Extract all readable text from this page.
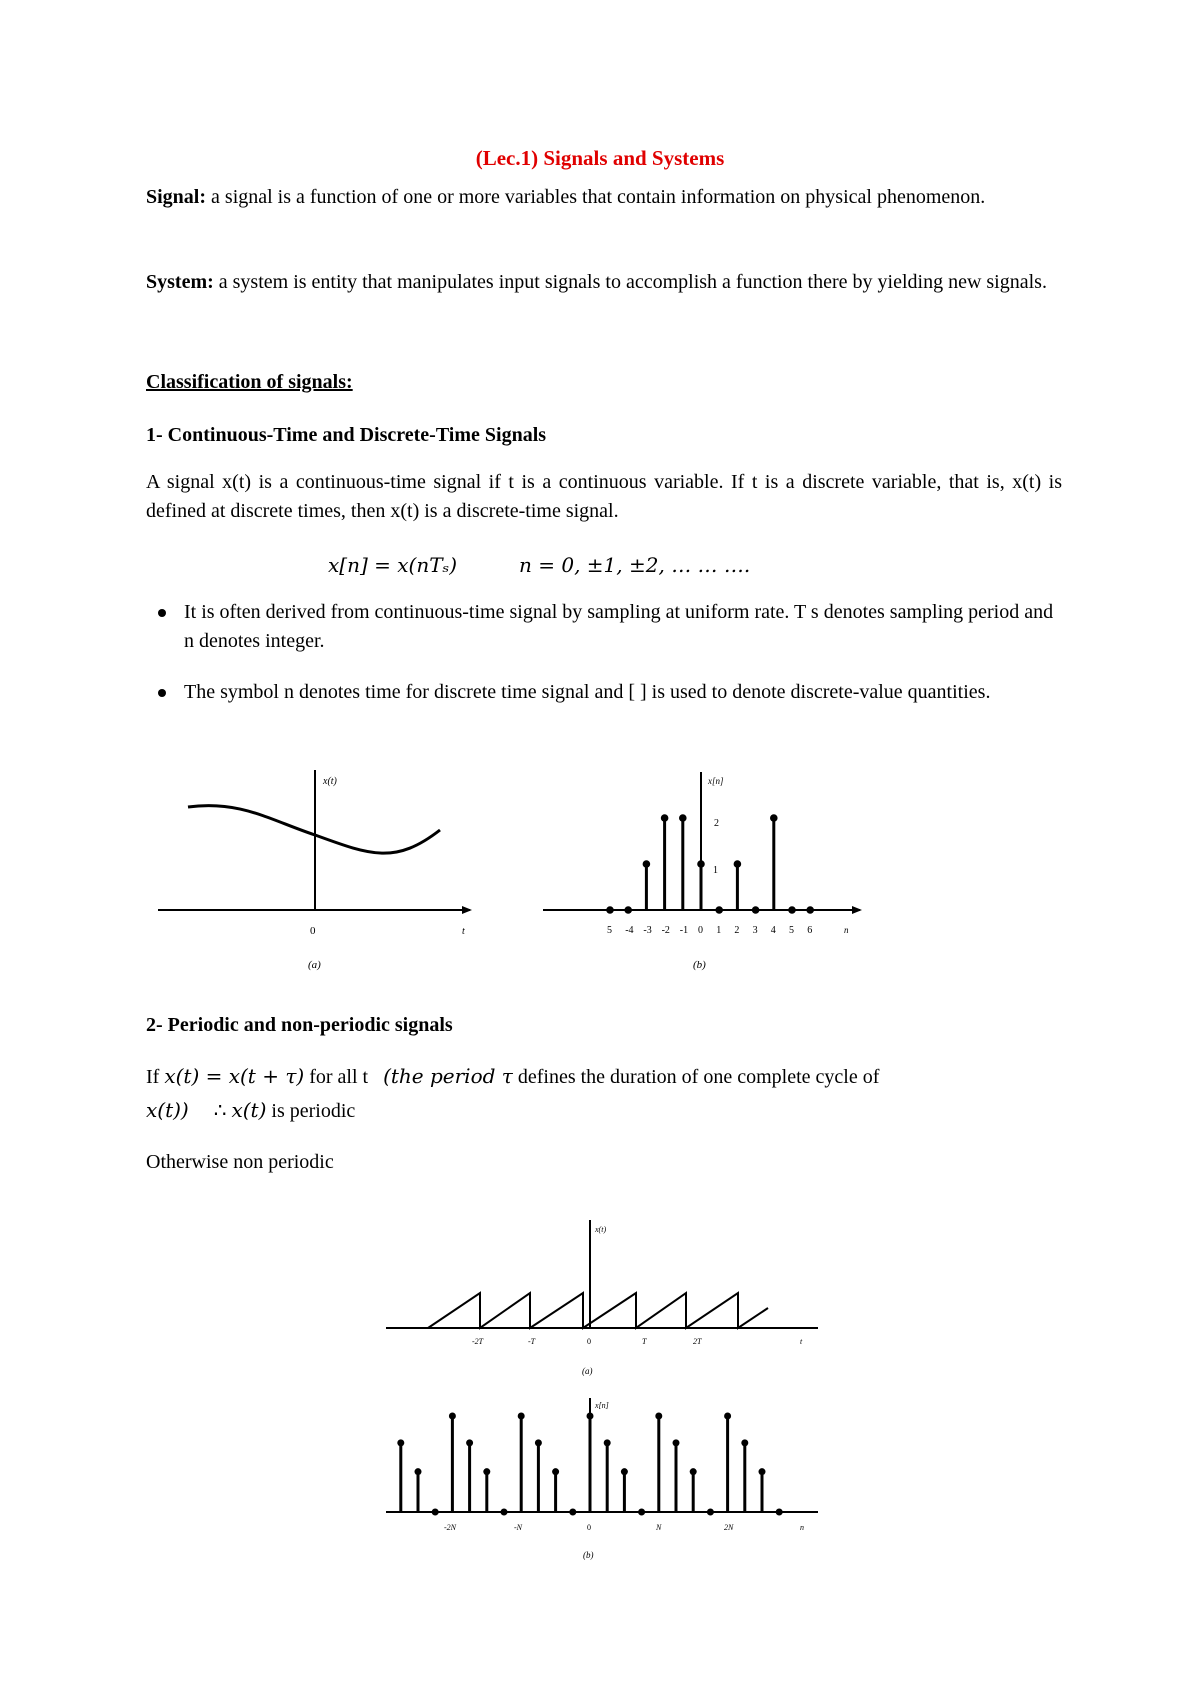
(Lec.1) Signals and Systems
Signal: a signal is a function of one or more variables that contain information on physical phenomenon.
System: a system is entity that manipulates input signals to accomplish a function there by yielding new signals.
Classification of signals:
1- Continuous-Time and Discrete-Time Signals
A signal x(t) is a continuous-time signal if t is a continuous variable. If t is a discrete variable, that is, x(t) is defined at discrete times, then x(t) is a discrete-time signal.
x[n] = x(nTₛ)	n = 0, ±1, ±2, … … ….
It is often derived from continuous-time signal by sampling at uniform rate. T s denotes sampling period and n denotes integer.
The symbol n denotes time for discrete time signal and [ ] is used to denote discrete-value quantities.
x(t)
0	t
(a)
5 -4 -3 -2 -1 0 1 2 3 4 5 6
x[n]
2
1
n
(b)
2- Periodic and non-periodic signals
If x(t) = x(t + τ) for all t   (the period τ defines the duration of one complete cycle of
x(t))     ∴ x(t) is periodic
Otherwise non periodic
x(t)
-2T	-T	0	T	2T	t
(a)
x[n]
-2N	-N	0	N	2N	n
(b)
